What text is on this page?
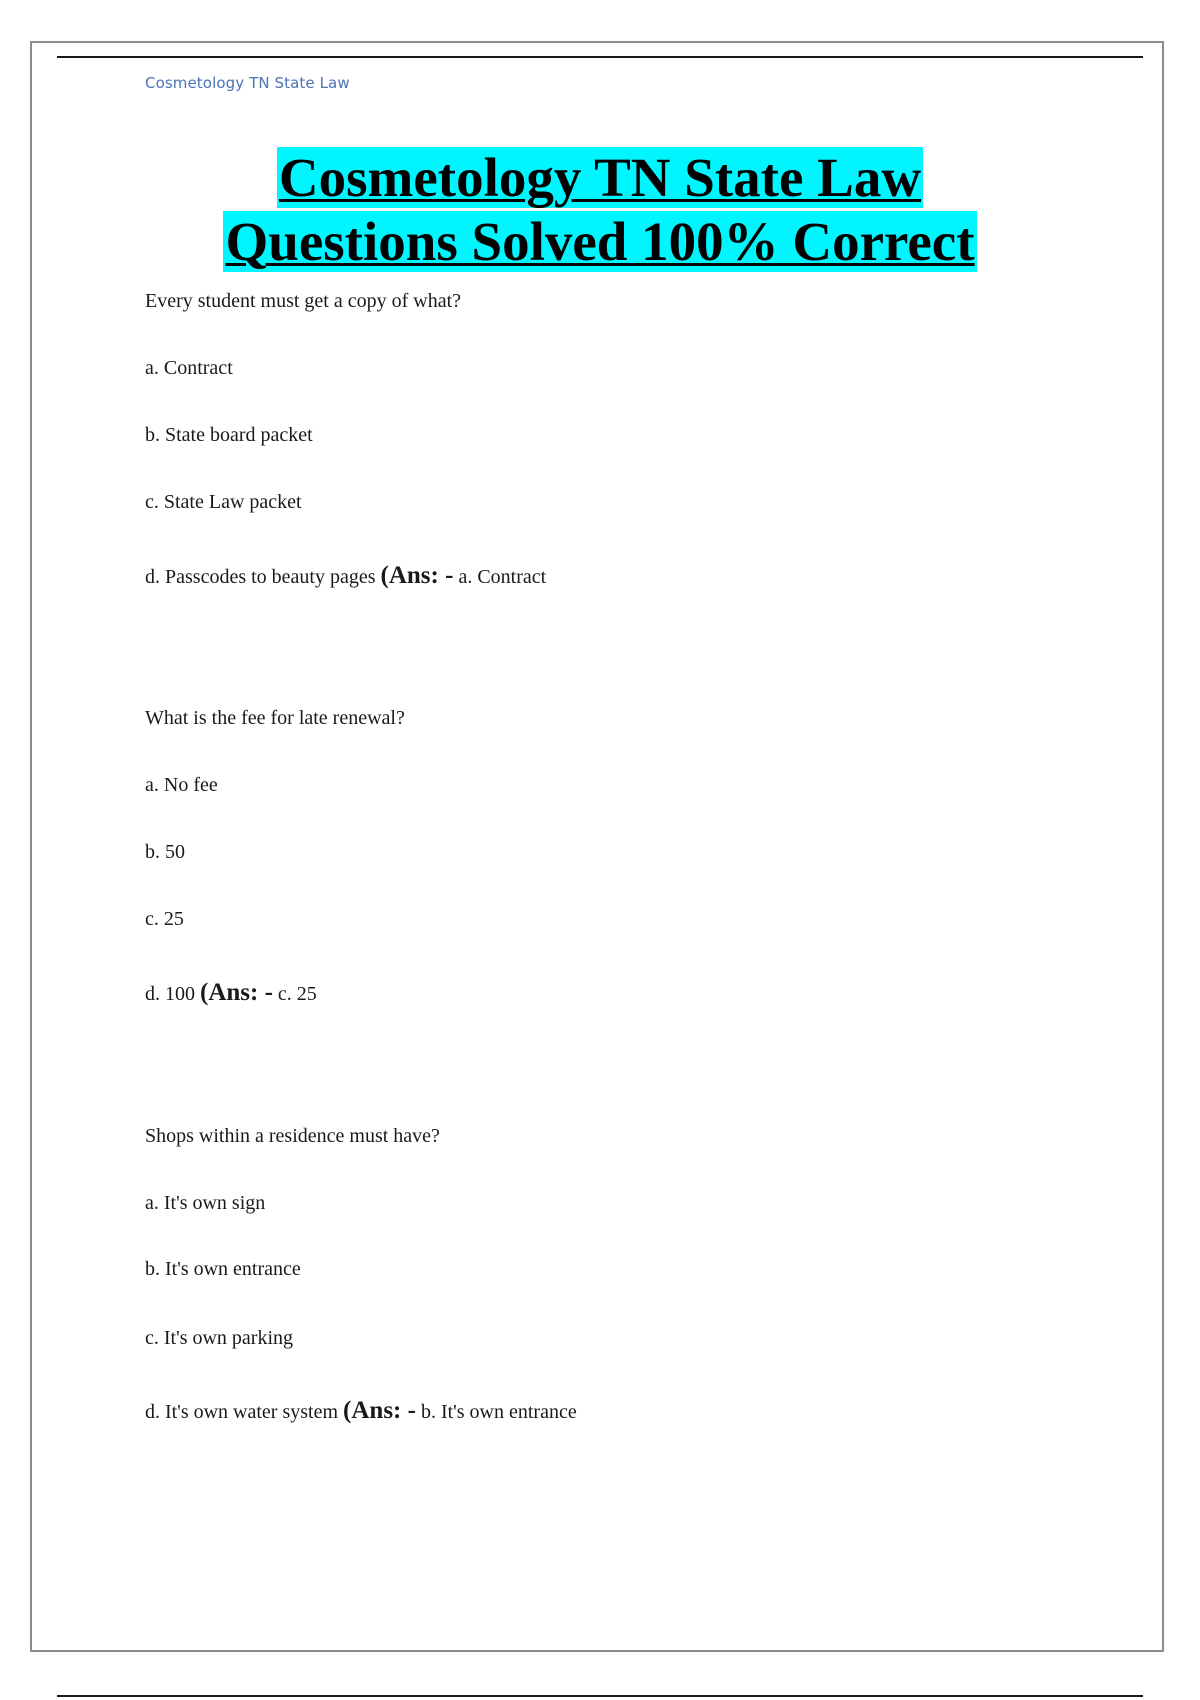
Cosmetology TN State Law
Cosmetology TN State Law
Questions Solved 100% Correct
Every student must get a copy of what?
a. Contract
b. State board packet
c. State Law packet
d. Passcodes to beauty pages (Ans: - a. Contract
What is the fee for late renewal?
a. No fee
b. 50
c. 25
d. 100 (Ans: - c. 25
Shops within a residence must have?
a. It's own sign
b. It's own entrance
c. It's own parking
d. It's own water system (Ans: - b. It's own entrance
